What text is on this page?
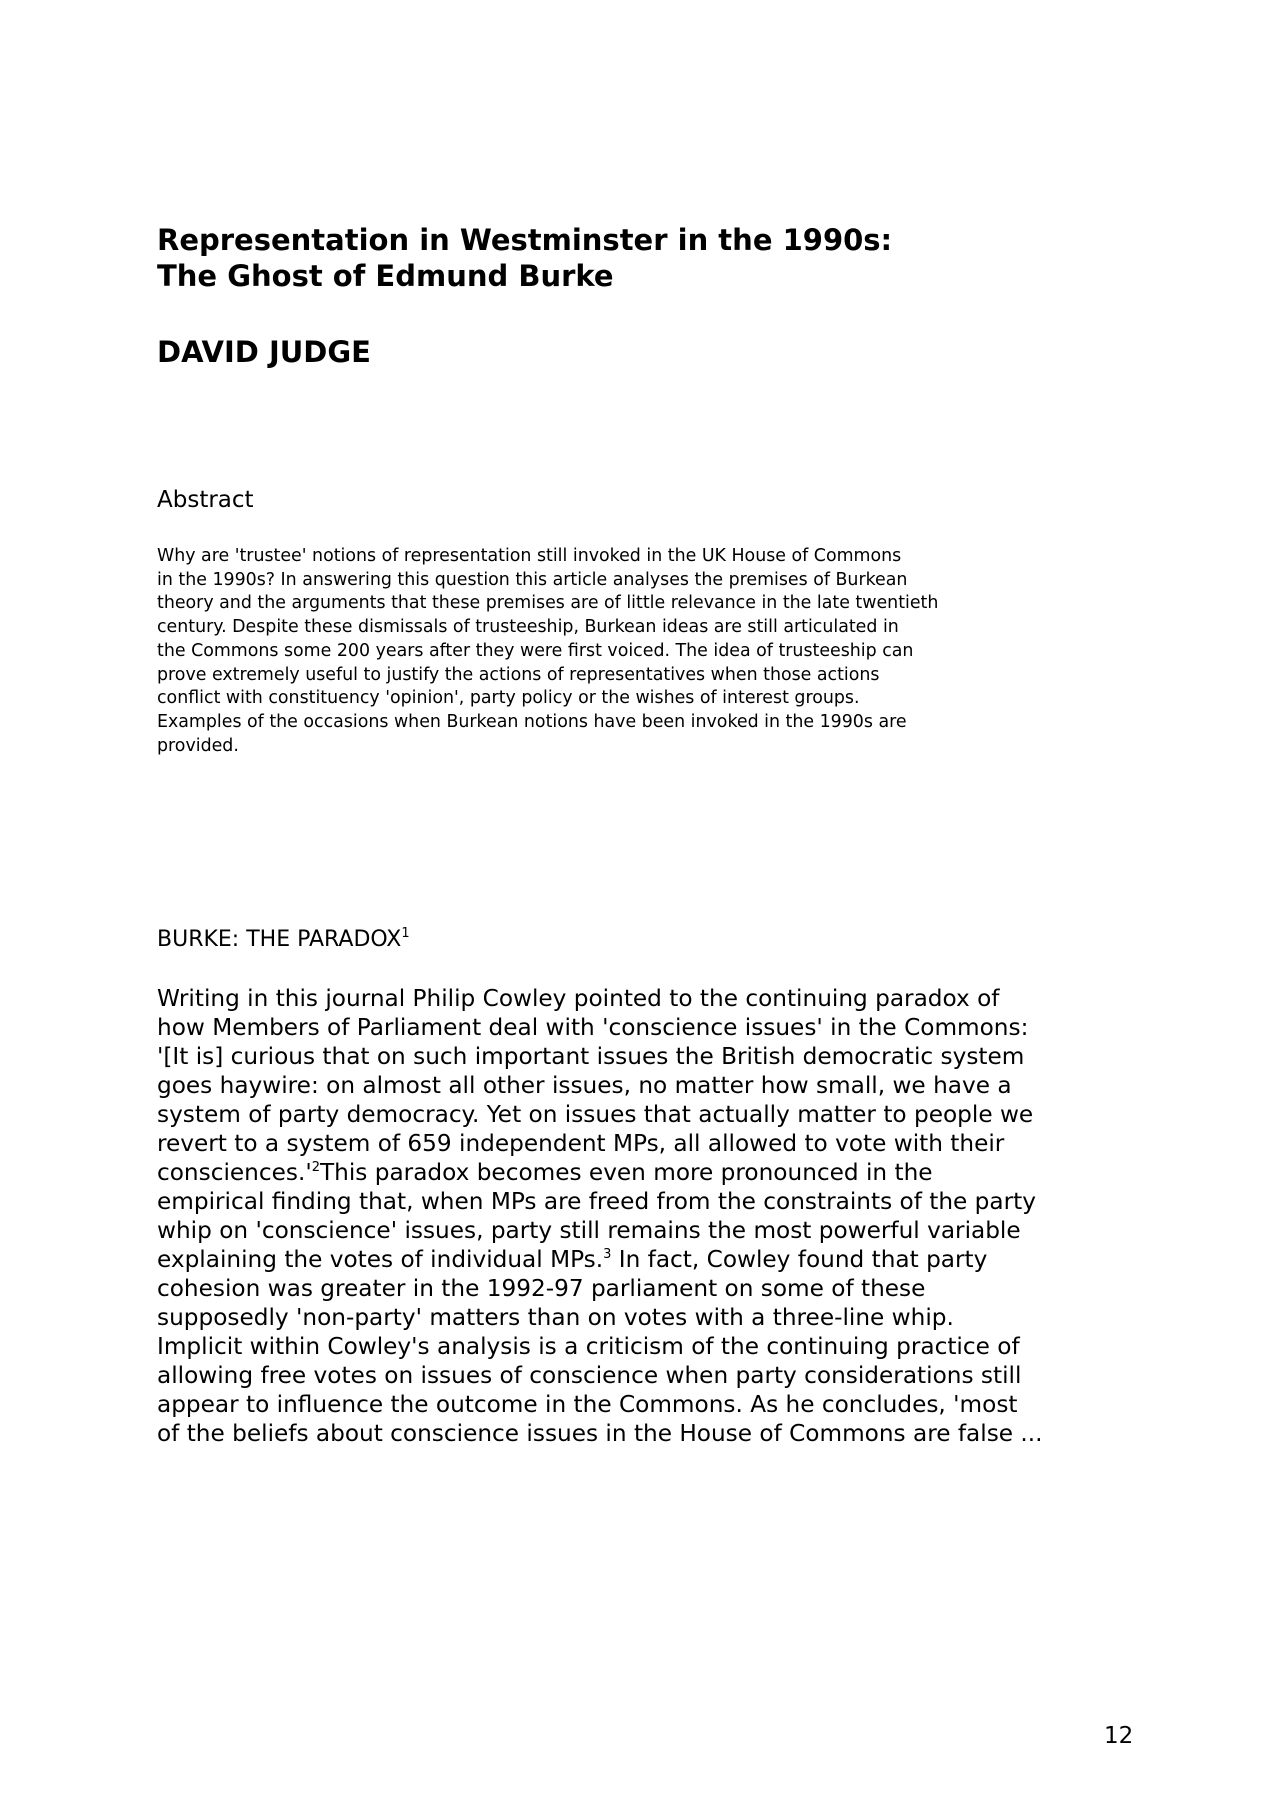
Representation in Westminster in the 1990s:
The Ghost of Edmund Burke
DAVID JUDGE
Abstract
Why are 'trustee' notions of representation still invoked in the UK House of Commons
in the 1990s? In answering this question this article analyses the premises of Burkean
theory and the arguments that these premises are of little relevance in the late twentieth
century. Despite these dismissals of trusteeship, Burkean ideas are still articulated in
the Commons some 200 years after they were first voiced. The idea of trusteeship can
prove extremely useful to justify the actions of representatives when those actions
conflict with constituency 'opinion', party policy or the wishes of interest groups.
Examples of the occasions when Burkean notions have been invoked in the 1990s are
provided.
BURKE: THE PARADOX$^1$
Writing in this journal Philip Cowley pointed to the continuing paradox of
how Members of Parliament deal with 'conscience issues' in the Commons:
'[It is] curious that on such important issues the British democratic system
goes haywire: on almost all other issues, no matter how small, we have a
system of party democracy. Yet on issues that actually matter to people we
revert to a system of 659 independent MPs, all allowed to vote with their
$consciences.'^2This$ paradox becomes even more pronounced in the
empirical finding that, when MPs are freed from the constraints of the party
whip on 'conscience' issues, party still remains the most powerful variable
explaining the votes of individual MPs.$^3$ In fact, Cowley found that party
cohesion was greater in the 1992-97 parliament on some of these
supposedly 'non-party' matters than on votes with a three-line whip.
Implicit within Cowley's analysis is a criticism of the continuing practice of
allowing free votes on issues of conscience when party considerations still
appear to influence the outcome in the Commons. As he concludes, 'most
of the beliefs about conscience issues in the House of Commons are false ...
12
